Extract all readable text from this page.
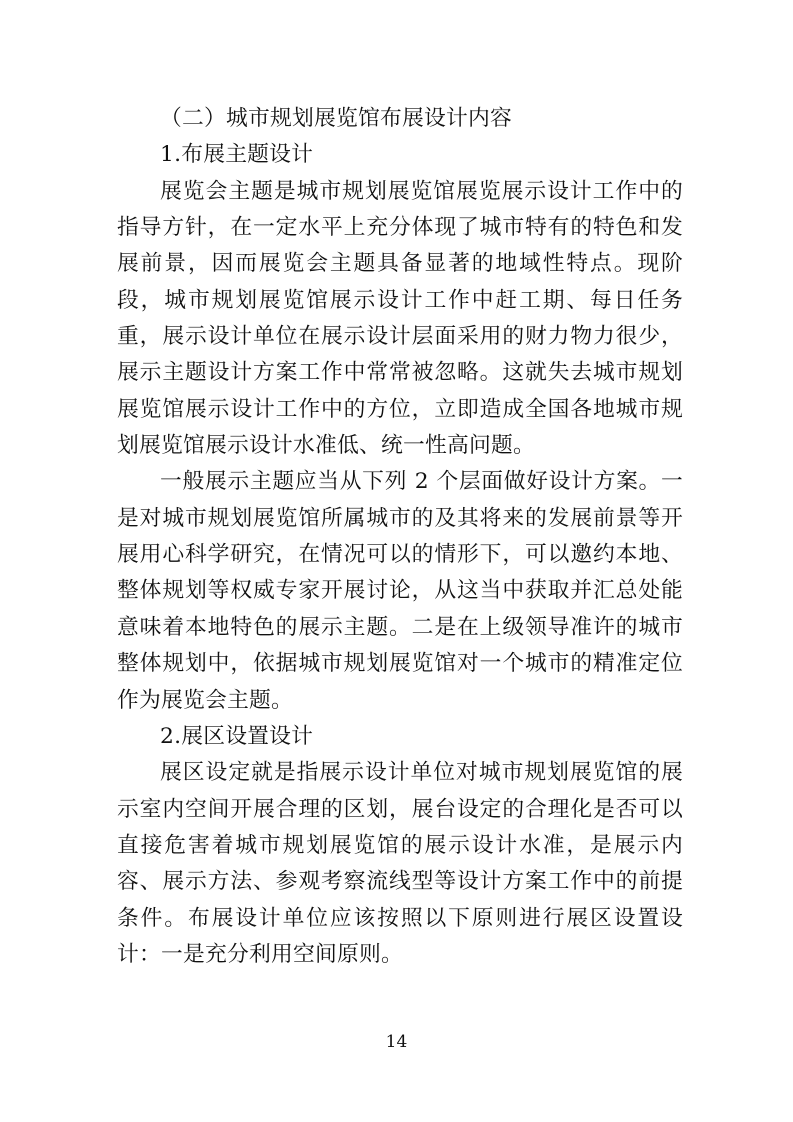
（二）城市规划展览馆布展设计内容

1.布展主题设计

展览会主题是城市规划展览馆展览展示设计工作中的指导方针，在一定水平上充分体现了城市特有的特色和发展前景，因而展览会主题具备显著的地域性特点。现阶段，城市规划展览馆展示设计工作中赶工期、每日任务重，展示设计单位在展示设计层面采用的财力物力很少，展示主题设计方案工作中常常被忽略。这就失去城市规划展览馆展示设计工作中的方位，立即造成全国各地城市规划展览馆展示设计水准低、统一性高问题。

一般展示主题应当从下列 2 个层面做好设计方案。一是对城市规划展览馆所属城市的及其将来的发展前景等开展用心科学研究，在情况可以的情形下，可以邀约本地、整体规划等权威专家开展讨论，从这当中获取并汇总处能意味着本地特色的展示主题。二是在上级领导准许的城市整体规划中，依据城市规划展览馆对一个城市的精准定位作为展览会主题。

2.展区设置设计

展区设定就是指展示设计单位对城市规划展览馆的展示室内空间开展合理的区划，展台设定的合理化是否可以直接危害着城市规划展览馆的展示设计水准，是展示内容、展示方法、参观考察流线型等设计方案工作中的前提条件。布展设计单位应该按照以下原则进行展区设置设计：一是充分利用空间原则。

14
